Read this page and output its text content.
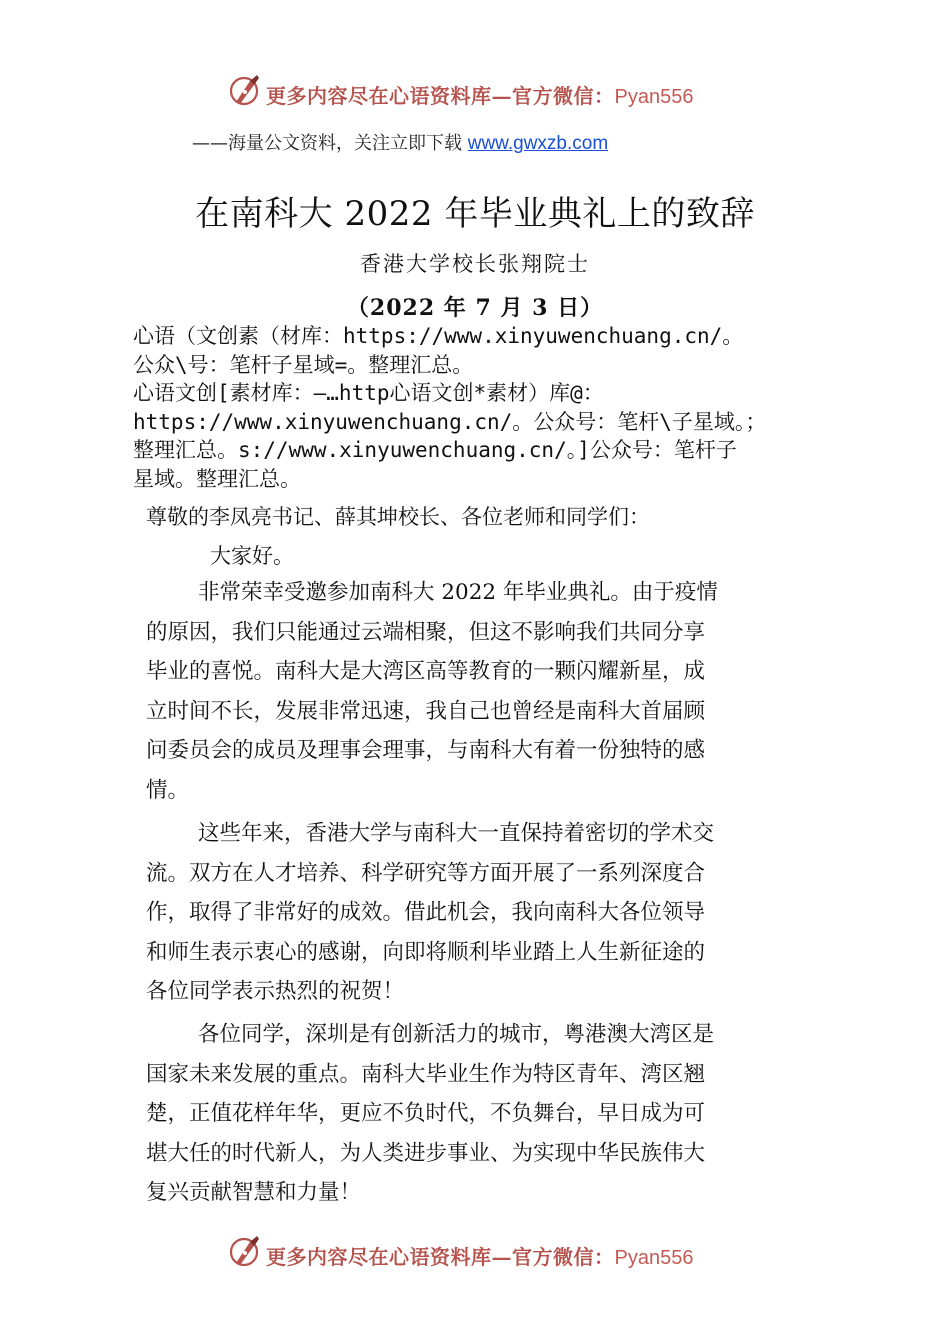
更多内容尽在心语资料库—官方微信：Pyan556
——海量公文资料，关注立即下载 www.gwxzb.com
在南科大 2022 年毕业典礼上的致辞
香港大学校长张翔院士
（2022 年 7 月 3 日）
心语（文创素（材库：https://www.xinyuwenchuang.cn/。
公众\号：笔杆子星域=。整理汇总。
心语文创[素材库：—…http心语文创*素材）库@：
https://www.xinyuwenchuang.cn/。公众号：笔杆\子星域。；
整理汇总。s://www.xinyuwenchuang.cn/。]公众号：笔杆子
星域。整理汇总。
尊敬的李凤亮书记、薛其坤校长、各位老师和同学们：
大家好。
非常荣幸受邀参加南科大 2022 年毕业典礼。由于疫情
的原因，我们只能通过云端相聚，但这不影响我们共同分享
毕业的喜悦。南科大是大湾区高等教育的一颗闪耀新星，成
立时间不长，发展非常迅速，我自己也曾经是南科大首届顾
问委员会的成员及理事会理事，与南科大有着一份独特的感
情。
这些年来，香港大学与南科大一直保持着密切的学术交
流。双方在人才培养、科学研究等方面开展了一系列深度合
作，取得了非常好的成效。借此机会，我向南科大各位领导
和师生表示衷心的感谢，向即将顺利毕业踏上人生新征途的
各位同学表示热烈的祝贺！
各位同学，深圳是有创新活力的城市，粤港澳大湾区是
国家未来发展的重点。南科大毕业生作为特区青年、湾区翘
楚，正值花样年华，更应不负时代，不负舞台，早日成为可
堪大任的时代新人，为人类进步事业、为实现中华民族伟大
复兴贡献智慧和力量！
更多内容尽在心语资料库—官方微信：Pyan556
